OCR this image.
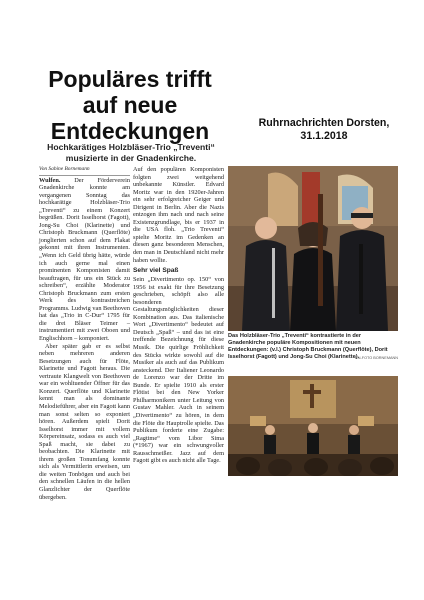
Populäres trifft
auf neue
Entdeckungen
Hochkarätiges Holzbläser-Trio „Treventi“
musizierte in der Gnadenkirche.
Ruhrnachrichten Dorsten,
31.1.2018

Von Sabine Bornemann

Wulfen. Der Förderverein Gnadenkirche konnte am vergangenen Sonntag das hochkarätige Holzbläser-Trio „Treventi“ zu einem Konzert begrüßen. Dorit Isselhorst (Fagott), Jong-Su Choi (Klarinette) und Christoph Bruckmann (Querflöte) jonglierten schon auf dem Flakat gekonnt mit ihren Instrumenten. „Wenn ich Geld übrig hätte, würde ich auch gerne mal einen prominenten Komponisten damit beauftragen, für uns ein Stück zu schreiben“, erzählte Moderator Christoph Bruckmann zum ersten Werk des kontrastreichen Programms. Ludwig van Beethoven hat das „Trio in C-Dur“ 1795 für die drei Bläser Teimer – instrumentiert mit zwei Oboen und Englischhorn – komponiert.

Aber später gab er es selbst neben mehreren anderen Besetzungen auch für Flöte, Klarinette und Fagott heraus. Die vertraute Klangwelt von Beethoven war ein wohltuender Öffner für das Konzert. Querflöte und Klarinette kennt man als dominante Melodieführer, aber ein Fagott kann man sonst selten so exponiert hören. Außerdem spielt Dorit Isselhorst immer mit vollem Körpereinsatz, sodass es auch viel Spaß macht, sie dabei zu beobachten. Die Klarinette mit ihrem großen Tonumfang konnte sich als Vermittlerin erweisen, um die weiten Tonbögen und auch bei den schnellen Läufen in die hellen Glanzlichter der Querflöte übergeben.

Auf den populären Komponisten folgten zwei weitgehend unbekannte Künstler. Edvard Moritz war in den 1920er-Jahren ein sehr erfolgreicher Geiger und Dirigent in Berlin. Aber die Nazis entzogen ihm nach und nach seine Existenzgrundlage, bis er 1937 in die USA floh. „Trio Treventi“ spielte Moritz im Gedenken an diesen ganz besonderen Menschen, den man in Deutschland nicht mehr haben wollte.

Sehr viel Spaß

Sein „Divertimento op. 150“ von 1956 ist exakt für ihre Besetzung geschrieben, schöpft also alle besonderen Gestaltungsmöglichkeiten dieser Kombination aus. Das italienische Wort „Divertimento“ bedeutet auf Deutsch „Spaß“ – und das ist eine treffende Bezeichnung für diese Musik. Die quirlige Fröhlichkeit des Stücks wirkte sowohl auf die Musiker als auch auf das Publikum ansteckend. Der Italiener Leonardo de Lorenzo war der Dritte im Bunde. Er spielte 1910 als erster Flötist bei den New Yorker Philharmonikern unter Leitung von Gustav Mahler. Auch in seinem „Divertimento“ zu hören, in dem die Flöte die Hauptrolle spielte. Das Publikum forderte eine Zugabe: „Ragtime“ vom Libor Sima (*1967) war ein schwungvoller Rausschmeißer. Jazz auf dem Fagott gibt es auch nicht alle Tage.

Das Holzbläser-Trio „Treventi“ kontrastierte in der Gnadenkirche populäre Kompositionen mit neuen Entdeckungen: (v.l.) Christoph Bruckmann (Querflöte), Dorit Isselhorst (Fagott) und Jong-Su Choi (Klarinette).
RN-FOTO BORNEMANN
